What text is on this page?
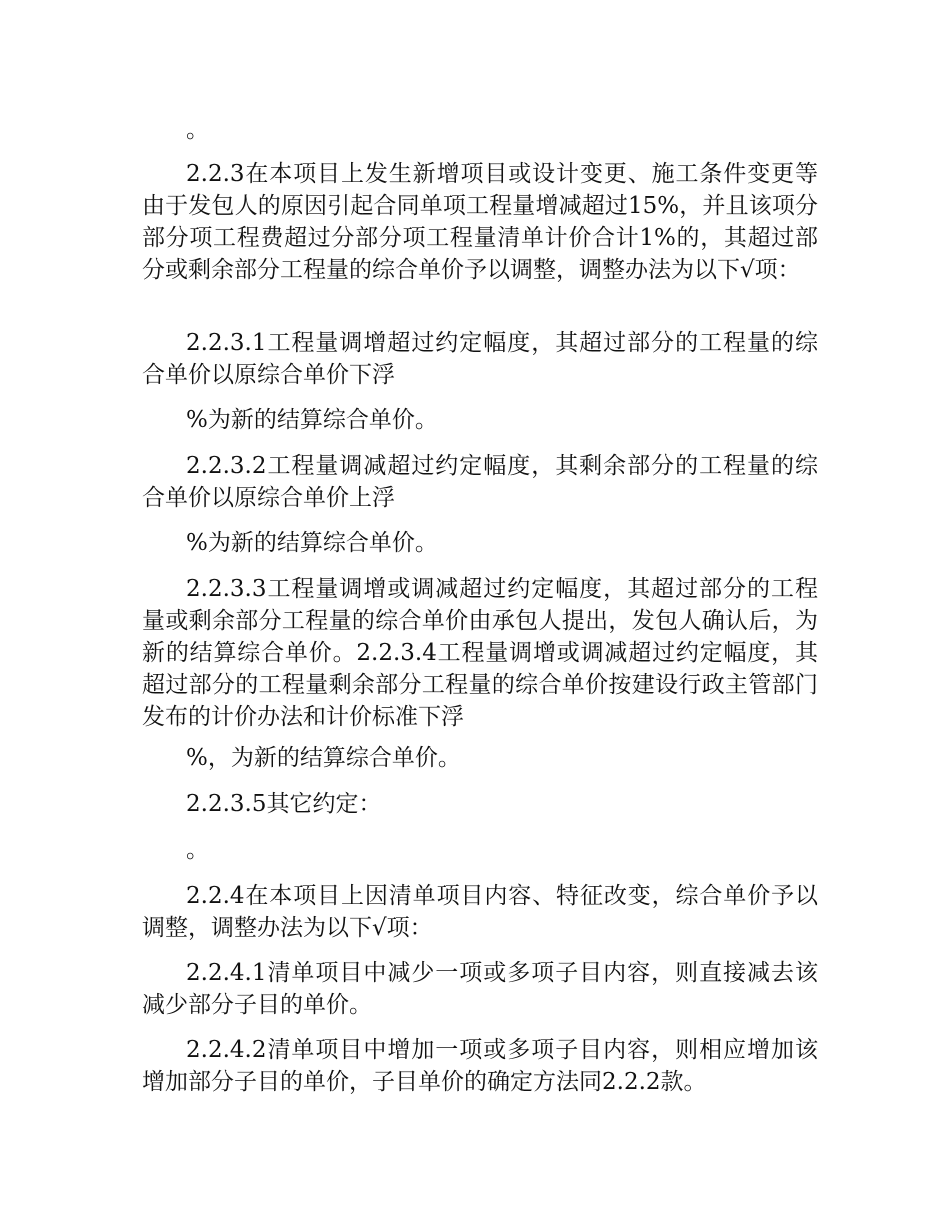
。

2.2.3在本项目上发生新增项目或设计变更、施工条件变更等由于发包人的原因引起合同单项工程量增减超过15%，并且该项分部分项工程费超过分部分项工程量清单计价合计1%的，其超过部分或剩余部分工程量的综合单价予以调整，调整办法为以下√项：

2.2.3.1工程量调增超过约定幅度，其超过部分的工程量的综合单价以原综合单价下浮

%为新的结算综合单价。

2.2.3.2工程量调减超过约定幅度，其剩余部分的工程量的综合单价以原综合单价上浮

%为新的结算综合单价。

2.2.3.3工程量调增或调减超过约定幅度，其超过部分的工程量或剩余部分工程量的综合单价由承包人提出，发包人确认后，为新的结算综合单价。2.2.3.4工程量调增或调减超过约定幅度，其超过部分的工程量剩余部分工程量的综合单价按建设行政主管部门发布的计价办法和计价标准下浮

%，为新的结算综合单价。

2.2.3.5其它约定：

。

2.2.4在本项目上因清单项目内容、特征改变，综合单价予以调整，调整办法为以下√项：

2.2.4.1清单项目中减少一项或多项子目内容，则直接减去该减少部分子目的单价。

2.2.4.2清单项目中增加一项或多项子目内容，则相应增加该增加部分子目的单价，子目单价的确定方法同2.2.2款。
